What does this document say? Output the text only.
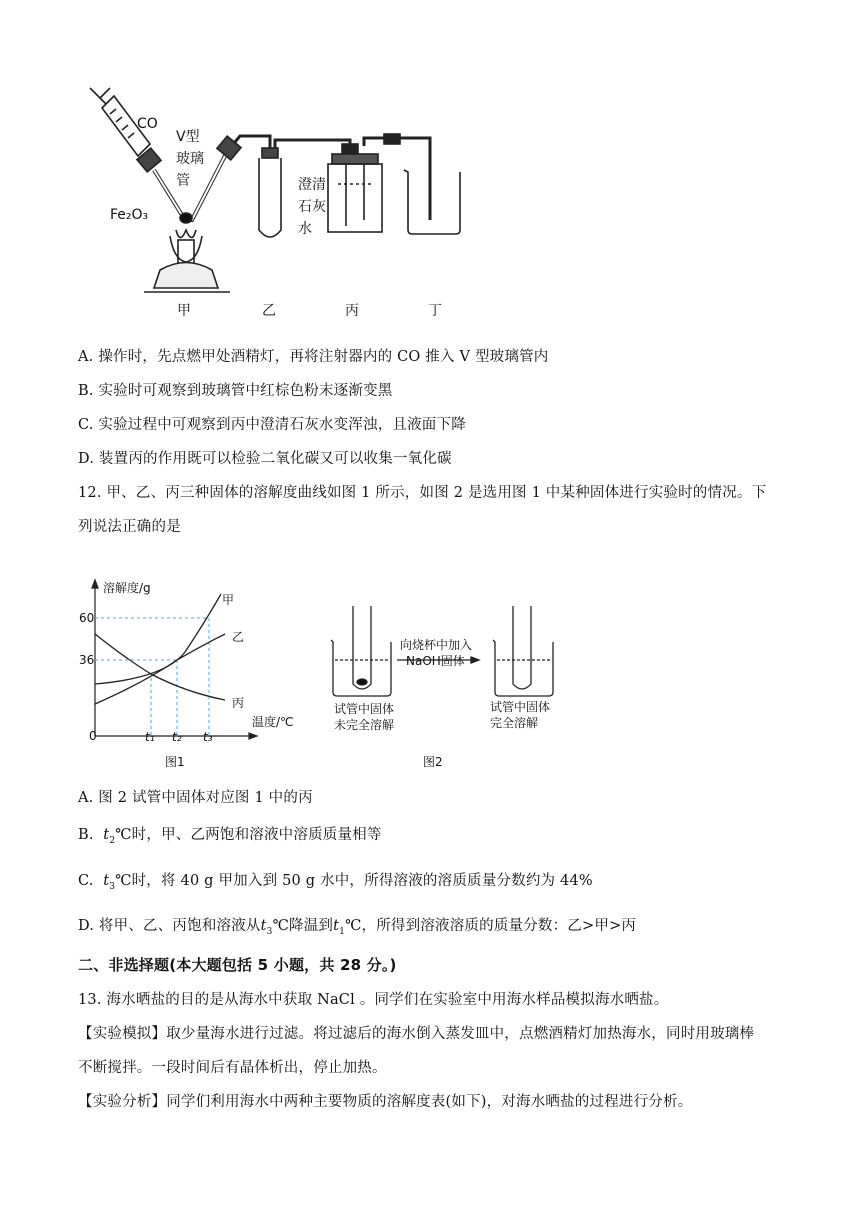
CO
V型
玻璃
管
Fe₂O₃
澄清
石灰
水
甲	乙	丙	丁
A. 操作时，先点燃甲处酒精灯，再将注射器内的 CO 推入 V 型玻璃管内
B. 实验时可观察到玻璃管中红棕色粉末逐渐变黑
C. 实验过程中可观察到丙中澄清石灰水变浑浊，且液面下降
D. 装置丙的作用既可以检验二氧化碳又可以收集一氧化碳
12. 甲、乙、丙三种固体的溶解度曲线如图 1 所示，如图 2 是选用图 1 中某种固体进行实验时的情况。下
列说法正确的是
溶解度/g
甲
乙
丙
60
36
温度/℃
0	t₁ t₂ t₃
图1
向烧杯中加入
NaOH固体
试管中固体
未完全溶解
试管中固体
完全溶解
图2
A. 图 2 试管中固体对应图 1 中的丙
B. $t_2℃$时，甲、乙两饱和溶液中溶质质量相等
C. $t_3℃$时，将 40 g 甲加入到 50 g 水中，所得溶液的溶质质量分数约为 44%
D. 将甲、乙、丙饱和溶液从$t_3℃$降温到$t_1℃$，所得到溶液溶质的质量分数：乙>甲>丙
二、非选择题(本大题包括 5 小题，共 28 分。)
13. 海水晒盐的目的是从海水中获取 NaCl 。同学们在实验室中用海水样品模拟海水晒盐。
【实验模拟】取少量海水进行过滤。将过滤后的海水倒入蒸发皿中，点燃酒精灯加热海水，同时用玻璃棒
不断搅拌。一段时间后有晶体析出，停止加热。
【实验分析】同学们利用海水中两种主要物质的溶解度表(如下)，对海水晒盐的过程进行分析。
